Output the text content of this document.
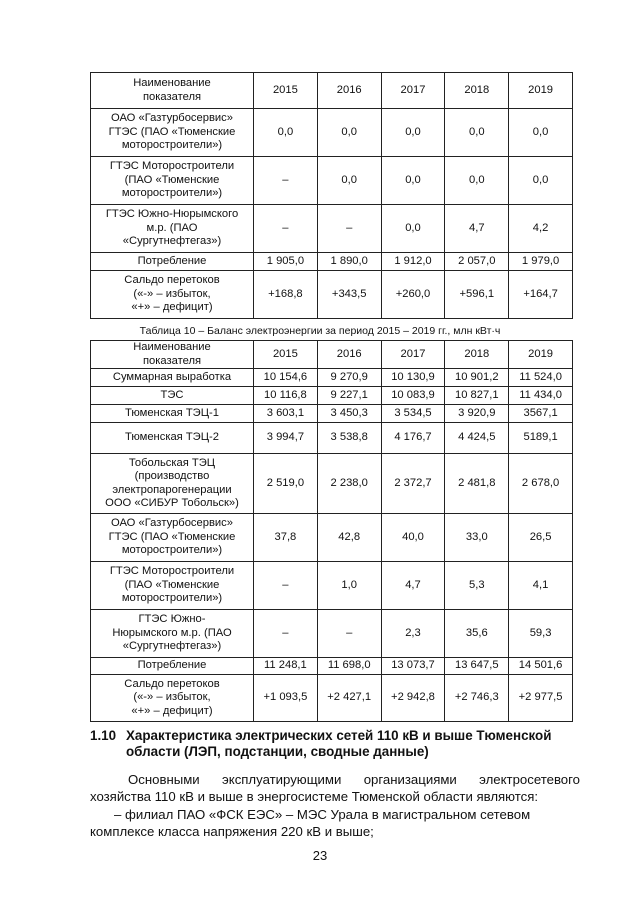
Наименование
показателя	2015	2016	2017	2018	2019
ОАО «Газтурбосервис»
ГТЭС (ПАО «Тюменские
моторостроители»)	0,0	0,0	0,0	0,0	0,0
ГТЭС Моторостроители
(ПАО «Тюменские
моторостроители»)	–	0,0	0,0	0,0	0,0
ГТЭС Южно-Нюрымского
м.р. (ПАО
«Сургутнефтегаз»)	–	–	0,0	4,7	4,2
Потребление	1 905,0	1 890,0	1 912,0	2 057,0	1 979,0
Сальдо перетоков
(«-» – избыток,
«+» – дефицит)	+168,8	+343,5	+260,0	+596,1	+164,7
Таблица 10 – Баланс электроэнергии за период 2015 – 2019 гг., млн кВт·ч
Наименование
показателя	2015	2016	2017	2018	2019
Суммарная выработка	10 154,6	9 270,9	10 130,9	10 901,2	11 524,0
ТЭС	10 116,8	9 227,1	10 083,9	10 827,1	11 434,0
Тюменская ТЭЦ-1	3 603,1	3 450,3	3 534,5	3 920,9	3567,1
Тюменская ТЭЦ-2	3 994,7	3 538,8	4 176,7	4 424,5	5189,1
Тобольская ТЭЦ
(производство
электропарогенерации
ООО «СИБУР Тобольск»)	2 519,0	2 238,0	2 372,7	2 481,8	2 678,0
ОАО «Газтурбосервис»
ГТЭС (ПАО «Тюменские
моторостроители»)	37,8	42,8	40,0	33,0	26,5
ГТЭС Моторостроители
(ПАО «Тюменские
моторостроители»)	–	1,0	4,7	5,3	4,1
ГТЭС Южно-
Нюрымского м.р. (ПАО
«Сургутнефтегаз»)	–	–	2,3	35,6	59,3
Потребление	11 248,1	11 698,0	13 073,7	13 647,5	14 501,6
Сальдо перетоков
(«-» – избыток,
«+» – дефицит)	+1 093,5	+2 427,1	+2 942,8	+2 746,3	+2 977,5
1.10 Характеристика электрических сетей 110 кВ и выше Тюменской области (ЛЭП, подстанции, сводные данные)
Основными эксплуатирующими организациями электросетевого хозяйства 110 кВ и выше в энергосистеме Тюменской области являются:
– филиал ПАО «ФСК ЕЭС» – МЭС Урала в магистральном сетевом комплексе класса напряжения 220 кВ и выше;
23
